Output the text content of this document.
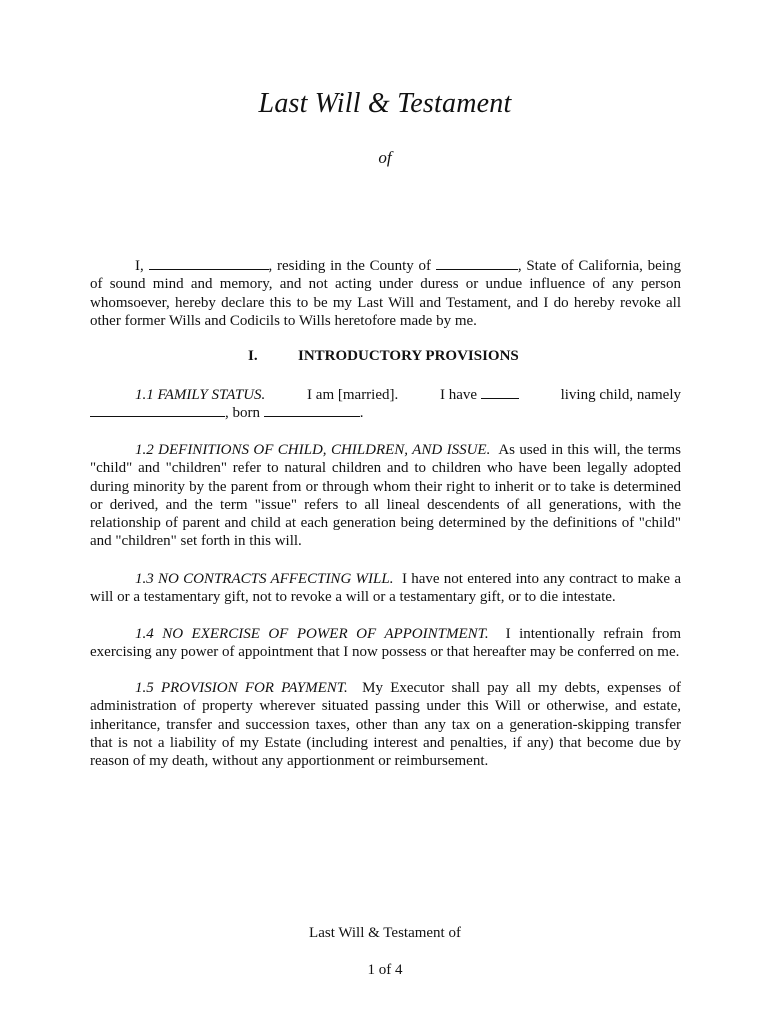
Last Will & Testament
of
I,	, residing in the County of	, State of California, being of sound mind and memory, and not acting under duress or undue influence of any person whomsoever, hereby declare this to be my Last Will and Testament, and I do hereby revoke all other former Wills and Codicils to Wills heretofore made by me.
I.	INTRODUCTORY PROVISIONS
1.1 FAMILY STATUS.	I am [married].	I have	living child, namely
, born	.
1.2 DEFINITIONS OF CHILD, CHILDREN, AND ISSUE. As used in this will, the terms "child" and "children" refer to natural children and to children who have been legally adopted during minority by the parent from or through whom their right to inherit or to take is determined or derived, and the term "issue" refers to all lineal descendents of all generations, with the relationship of parent and child at each generation being determined by the definitions of "child" and "children" set forth in this will.
1.3 NO CONTRACTS AFFECTING WILL. I have not entered into any contract to make a will or a testamentary gift, not to revoke a will or a testamentary gift, or to die intestate.
1.4 NO EXERCISE OF POWER OF APPOINTMENT. I intentionally refrain from exercising any power of appointment that I now possess or that hereafter may be conferred on me.
1.5 PROVISION FOR PAYMENT. My Executor shall pay all my debts, expenses of administration of property wherever situated passing under this Will or otherwise, and estate, inheritance, transfer and succession taxes, other than any tax on a generation-skipping transfer that is not a liability of my Estate (including interest and penalties, if any) that become due by reason of my death, without any apportionment or reimbursement.
Last Will & Testament of
1 of 4
